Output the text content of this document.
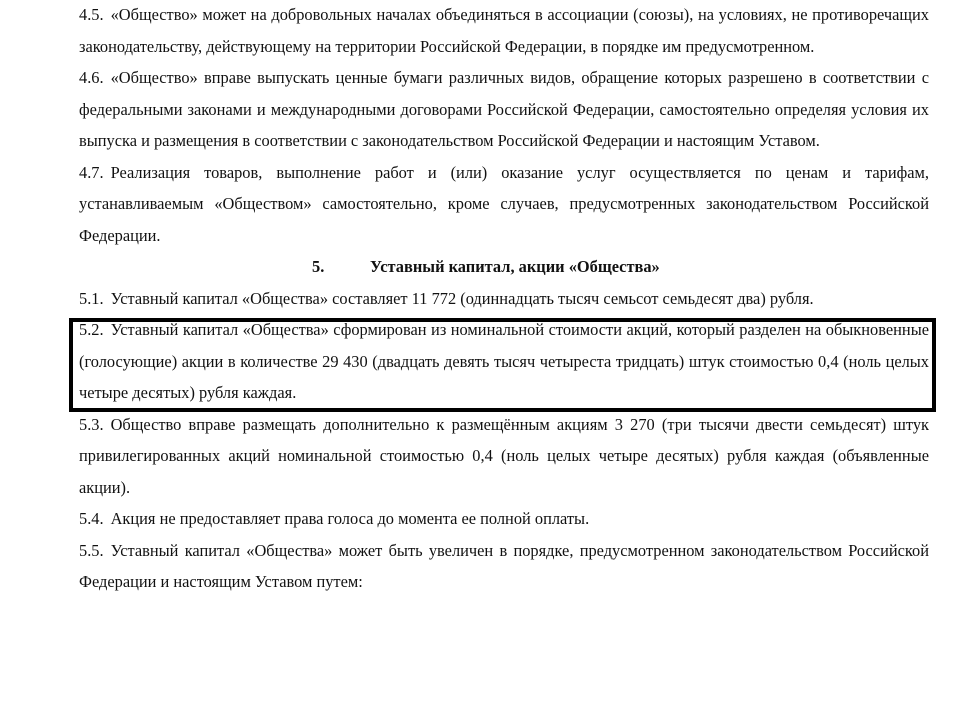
4.5. «Общество» может на добровольных началах объединяться в ассоциации (союзы), на условиях, не противоречащих законодательству, действующему на территории Российской Федерации, в порядке им предусмотренном.

4.6. «Общество» вправе выпускать ценные бумаги различных видов, обращение которых разрешено в соответствии с федеральными законами и международными договорами Российской Федерации, самостоятельно определяя условия их выпуска и размещения в соответствии с законодательством Российской Федерации и настоящим Уставом.

4.7. Реализация товаров, выполнение работ и (или) оказание услуг осуществляется по ценам и тарифам, устанавливаемым «Обществом» самостоятельно, кроме случаев, предусмотренных законодательством Российской Федерации.

5.	Уставный капитал, акции «Общества»

5.1. Уставный капитал «Общества» составляет 11 772 (одиннадцать тысяч семьсот семьдесят два) рубля.

5.2. Уставный капитал «Общества» сформирован из номинальной стоимости акций, который разделен на обыкновенные (голосующие) акции в количестве 29 430 (двадцать девять тысяч четыреста тридцать) штук стоимостью 0,4 (ноль целых четыре десятых) рубля каждая.

5.3. Общество вправе размещать дополнительно к размещённым акциям 3 270 (три тысячи двести семьдесят) штук привилегированных акций номинальной стоимостью 0,4 (ноль целых четыре десятых) рубля каждая (объявленные акции).

5.4. Акция не предоставляет права голоса до момента ее полной оплаты.

5.5. Уставный капитал «Общества» может быть увеличен в порядке, предусмотренном законодательством Российской Федерации и настоящим Уставом путем:
